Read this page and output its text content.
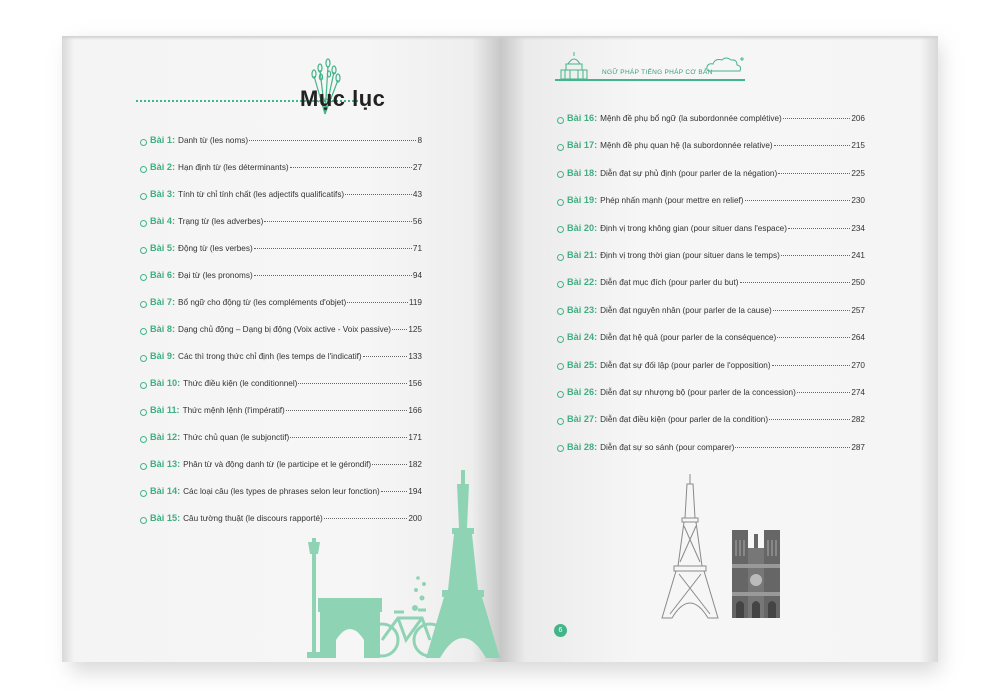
Mục lục
NGỮ PHÁP TIẾNG PHÁP CƠ BẢN
Bài 1: Danh từ (les noms)	8
Bài 2: Hạn định từ (les déterminants)	27
Bài 3: Tính từ chỉ tính chất (les adjectifs qualificatifs)	43
Bài 4: Trạng từ (les adverbes)	56
Bài 5: Động từ (les verbes)	71
Bài 6: Đại từ (les pronoms)	94
Bài 7: Bổ ngữ cho động từ (les compléments d'objet)	119
Bài 8: Dạng chủ động – Dạng bị động (Voix active - Voix passive) 125
Bài 9: Các thì trong thức chỉ định (les temps de l'indicatif)	133
Bài 10: Thức điều kiện (le conditionnel)	156
Bài 11: Thức mệnh lệnh (l'impératif)	166
Bài 12: Thức chủ quan (le subjonctif)	171
Bài 13: Phân từ và động danh từ (le participe et le gérondif)	182
Bài 14: Các loại câu (les types de phrases selon leur fonction)	194
Bài 15: Câu tường thuật (le discours rapporté)	200
Bài 16: Mệnh đề phụ bổ ngữ (la subordonnée complétive)	206
Bài 17: Mệnh đề phụ quan hệ (la subordonnée relative)	215
Bài 18: Diễn đạt sự phủ định (pour parler de la négation)	225
Bài 19: Phép nhấn mạnh (pour mettre en relief)	230
Bài 20: Định vị trong không gian (pour situer dans l'espace)	234
Bài 21: Định vị trong thời gian (pour situer dans le temps)	241
Bài 22: Diễn đạt mục đích (pour parler du but)	250
Bài 23: Diễn đạt nguyên nhân (pour parler de la cause)	257
Bài 24: Diễn đạt hệ quả (pour parler de la conséquence)	264
Bài 25: Diễn đạt sự đối lập (pour parler de l'opposition)	270
Bài 26: Diễn đạt sự nhượng bộ (pour parler de la concession)	274
Bài 27: Diễn đạt điều kiện (pour parler de la condition)	282
Bài 28: Diễn đạt sự so sánh (pour comparer)	287
6
